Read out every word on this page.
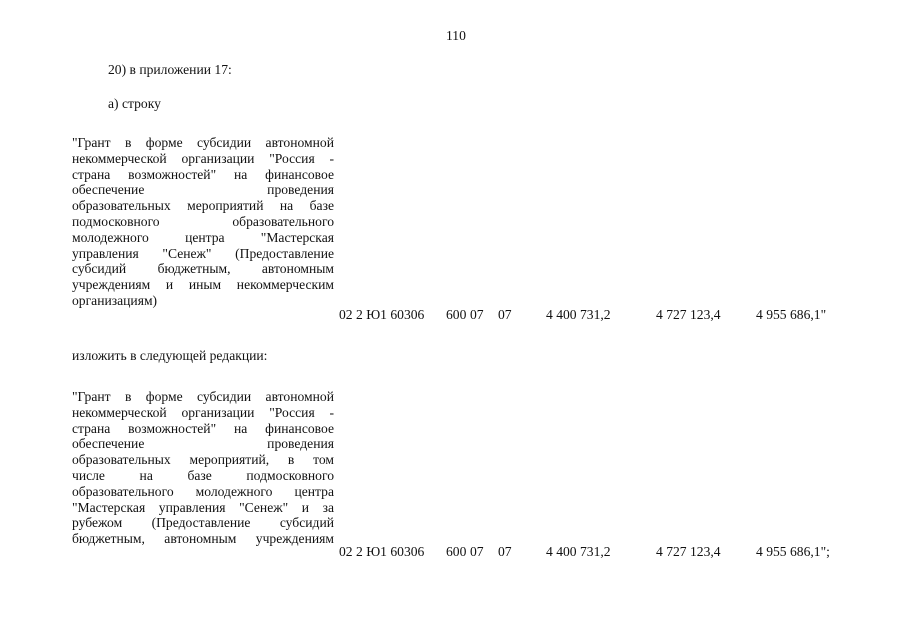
110
20) в приложении 17:
а) строку
"Грант в форме субсидии автономной
некоммерческой организации "Россия -
страна возможностей" на финансовое
обеспечение проведения
образовательных мероприятий на базе
подмосковного образовательного
молодежного центра "Мастерская
управления "Сенеж" (Предоставление
субсидий бюджетным, автономным
учреждениям и иным некоммерческим
организациям)
02 2 Ю1 60306 600 07 07	4 400 731,2	4 727 123,4	4 955 686,1"
изложить в следующей редакции:
"Грант в форме субсидии автономной
некоммерческой организации "Россия -
страна возможностей" на финансовое
обеспечение проведения
образовательных мероприятий, в том
числе на базе подмосковного
образовательного молодежного центра
"Мастерская управления "Сенеж" и за
рубежом (Предоставление субсидий
бюджетным, автономным учреждениям
02 2 Ю1 60306 600 07 07	4 400 731,2	4 727 123,4	4 955 686,1";
